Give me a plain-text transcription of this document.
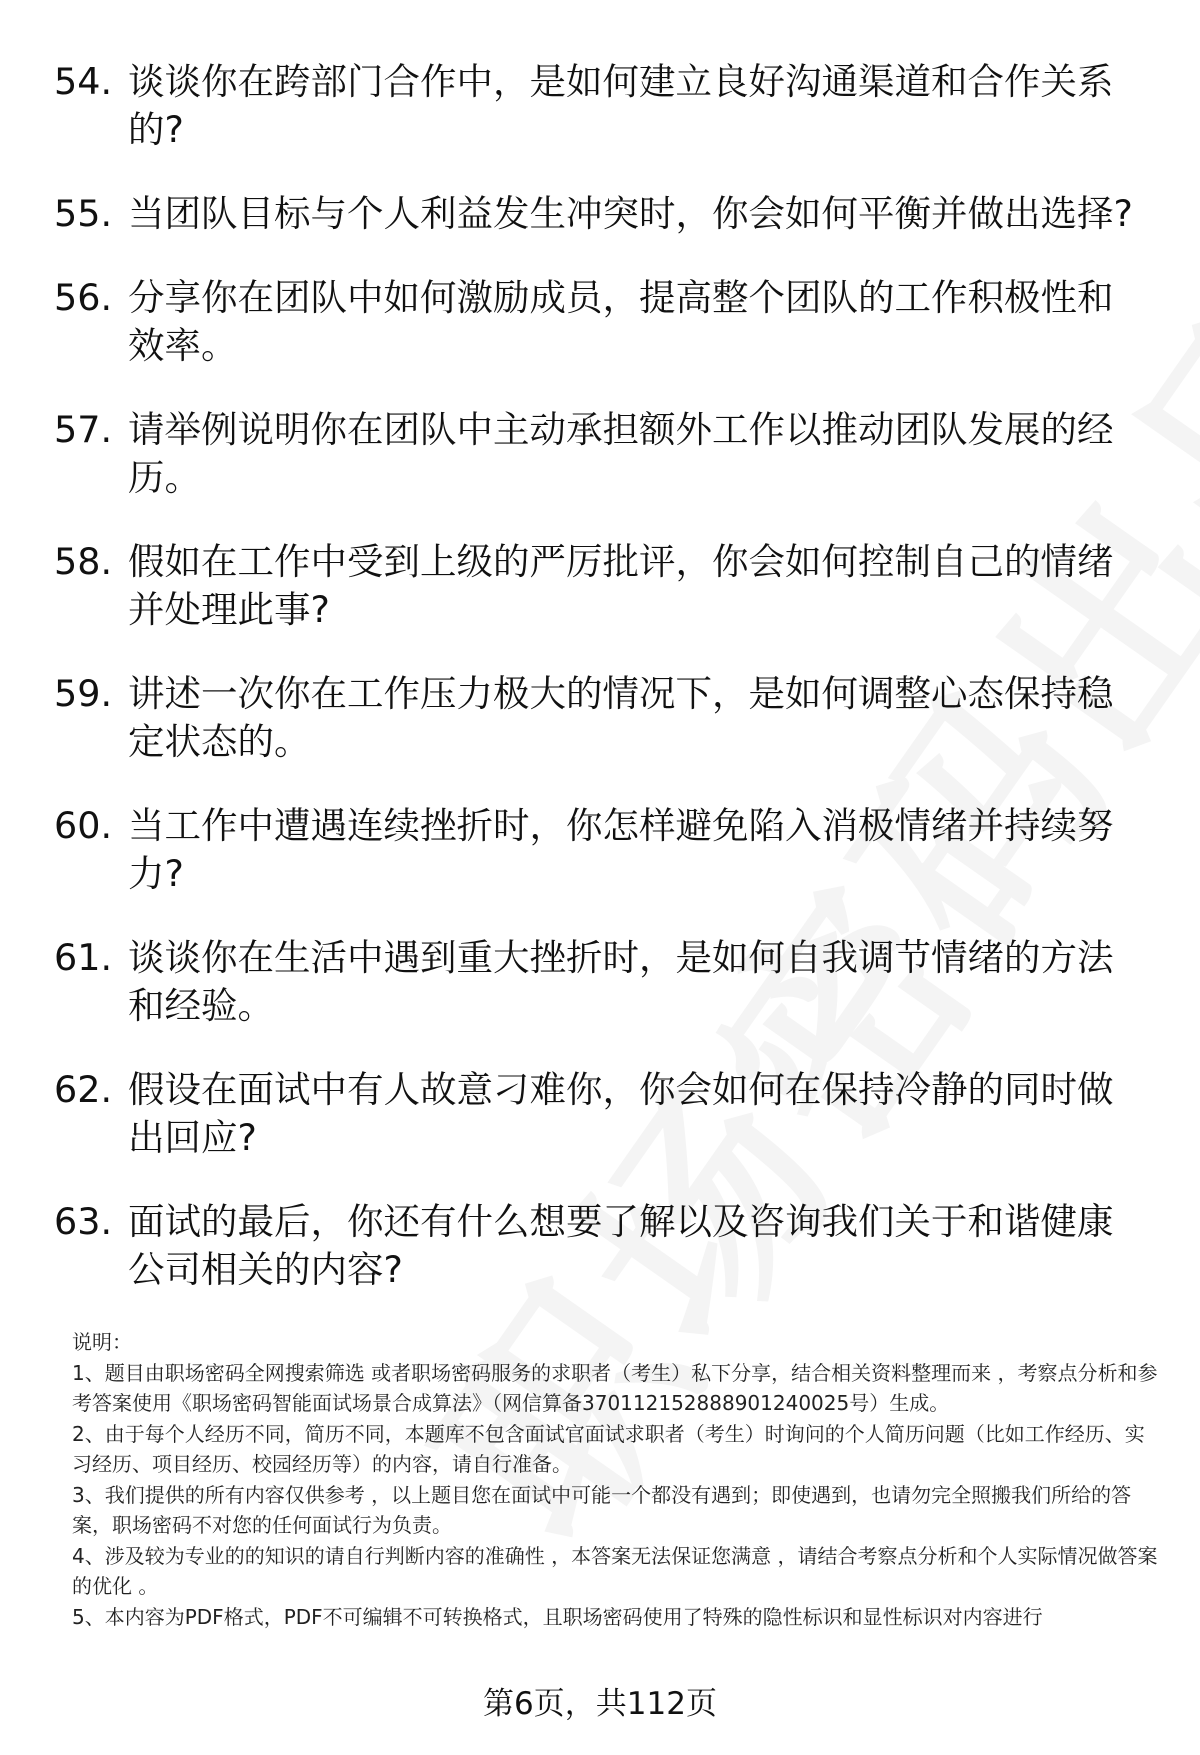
54. 谈谈你在跨部门合作中，是如何建立良好沟通渠道和合作关系的?
55. 当团队目标与个人利益发生冲突时，你会如何平衡并做出选择?
56. 分享你在团队中如何激励成员，提高整个团队的工作积极性和效率。
57. 请举例说明你在团队中主动承担额外工作以推动团队发展的经历。
58. 假如在工作中受到上级的严厉批评，你会如何控制自己的情绪并处理此事?
59. 讲述一次你在工作压力极大的情况下，是如何调整心态保持稳定状态的。
60. 当工作中遭遇连续挫折时，你怎样避免陷入消极情绪并持续努力?
61. 谈谈你在生活中遇到重大挫折时，是如何自我调节情绪的方法和经验。
62. 假设在面试中有人故意刁难你，你会如何在保持冷静的同时做出回应?
63. 面试的最后，你还有什么想要了解以及咨询我们关于和谐健康公司相关的内容?

说明：

1、题目由职场密码全网搜索筛选 或者职场密码服务的求职者（考生）私下分享，结合相关资料整理而来 ，考察点分析和参考答案使用《职场密码智能面试场景合成算法》（网信算备370112152888901240025号）生成。

2、由于每个人经历不同，简历不同，本题库不包含面试官面试求职者（考生）时询问的个人简历问题（比如工作经历、实习经历、项目经历、校园经历等）的内容，请自行准备。

3、我们提供的所有内容仅供参考 ，以上题目您在面试中可能一个都没有遇到；即使遇到，也请勿完全照搬我们所给的答案，职场密码不对您的任何面试行为负责。

4、涉及较为专业的的知识的请自行判断内容的准确性 ，本答案无法保证您满意 ，请结合考察点分析和个人实际情况做答案的优化 。

5、本内容为PDF格式，PDF不可编辑不可转换格式，且职场密码使用了特殊的隐性标识和显性标识对内容进行

第6页，共112页
